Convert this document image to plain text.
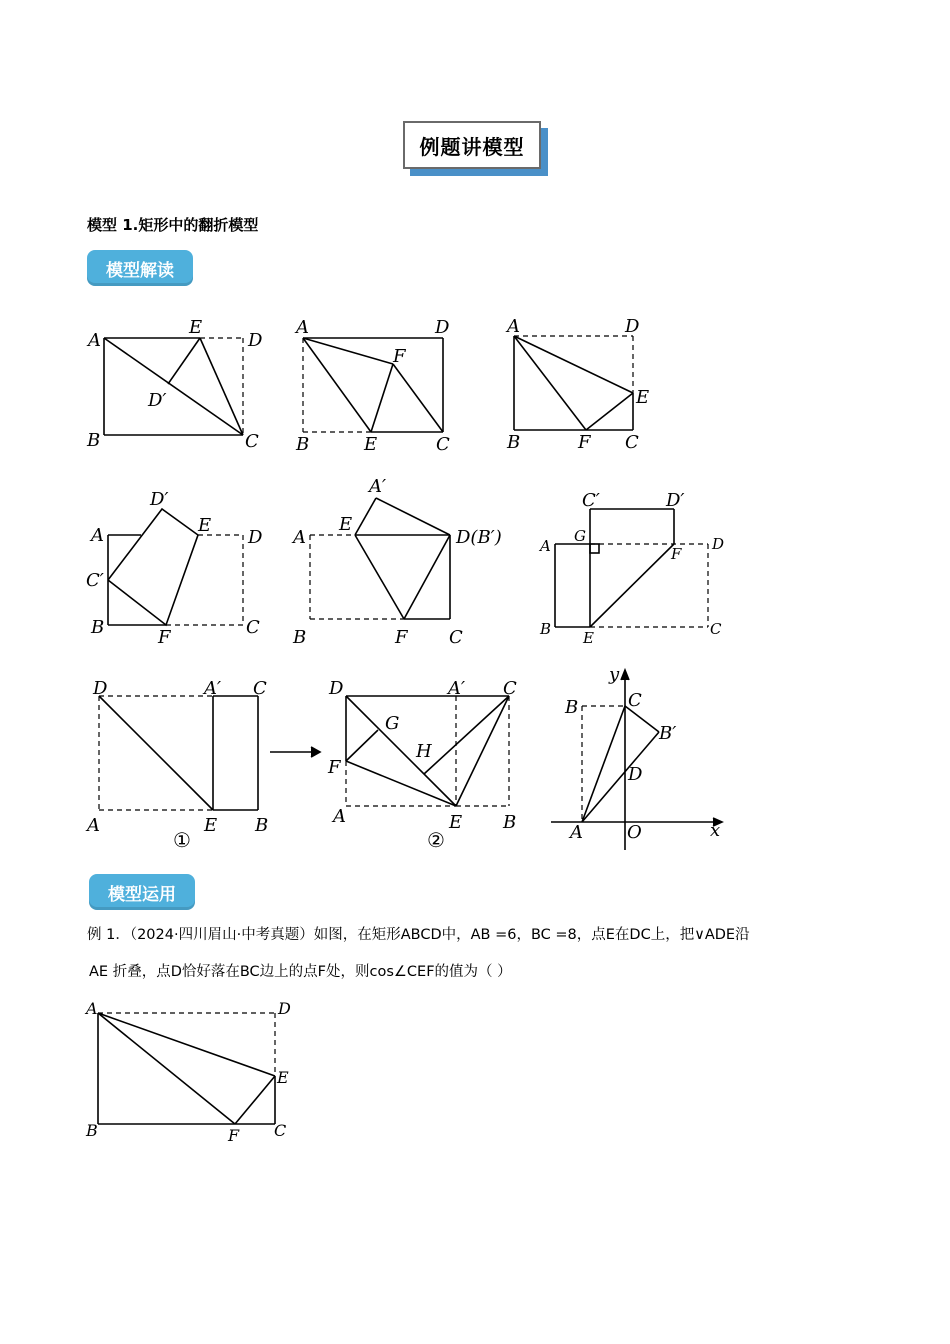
例题讲模型
模型 1.矩形中的翻折模型
模型解读
A
E
D
D′
B	C
A	D
F
B	E	C
A	D
E
B	F C
D′
A	E
D
C′
B	F	C
A′
E
A	D(B′)
B	F C
C′	D′
G
A	F
D
B E	C
D	A′ C
A	E B
①
D	A′ C
G
H
F
A	E B
②
y
B	C
B′
D
A O	x
A	D
E
B	F C
模型运用
例 1．（2024·四川眉山·中考真题）如图，在矩形ABCD中，AB =6，BC =8，点E在DC上，把∨ADE沿
AE 折叠，点D恰好落在BC边上的点F处，则cos∠CEF的值为（ ）
